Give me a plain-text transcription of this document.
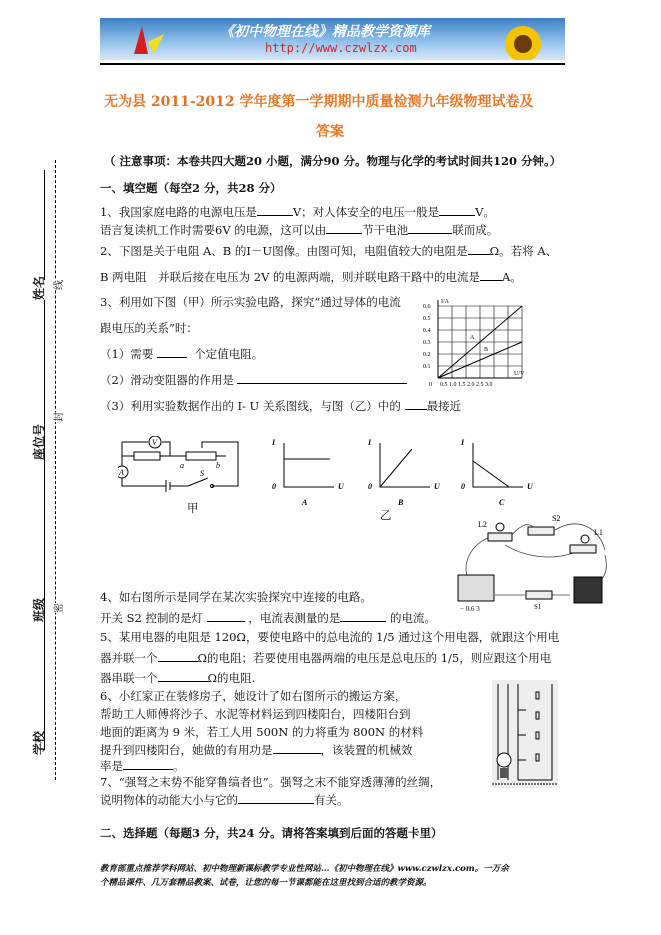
《初中物理在线》精品教学资源库
http://www.czwlzx.com
姓名
座位号
班级
学校
线
封
密
无为县 2011-2012 学年度第一学期期中质量检测九年级物理试卷及
答案
（ 注意事项：本卷共四大题20 小题，满分90 分。物理与化学的考试时间共120 分钟。）
一、填空题（每空2 分，共28 分）
1、我国家庭电路的电源电压是	V；对人体安全的电压一般是	V。
语言复读机工作时需要6V 的电源，这可以由	节干电池	联而成。
2、下图是关于电阻 A、B 的I－U图像。由图可知，电阻值较大的电阻是 Ω。若将 A、
B 两电阻　并联后接在电压为 2V 的电源两端，则并联电路干路中的电流是 A。
3、利用如下图（甲）所示实验电路，探究“通过导体的电流
跟电压的关系”时：
（1）需要	个定值电阻。
（2）滑动变阻器的作用是
（3）利用实验数据作出的 I- U 关系图线，与图（乙）中的 最接近
I/A
U/V
0 0.5 1.0 1.5 2.0 2.5 3.0
0.6
0.5
0.4
0.3
0.2
0.1
A
B
V
A
a	b
S
甲	乙
I
0	U
A
I
0	U
B
I
0	U
C
L2
L1
S2
S1
− 0.6 3
4、如右图所示是同学在某次实验探究中连接的电路。
开关 S2 控制的是灯	，电流表测量的是	的电流。
5、某用电器的电阻是 120Ω，要使电路中的总电流的 1/5 通过这个用电器，就跟这个用电
器并联一个	Ω的电阻；若要使用电器两端的电压是总电压的 1/5，则应跟这个用电
器串联一个	Ω的电阻.
6、小红家正在装修房子，她设计了如右图所示的搬运方案，
帮助工人师傅将沙子、水泥等材料运到四楼阳台，四楼阳台到
地面的距离为 9 米，若工人用 500N 的力将重为 800N 的材料
提升到四楼阳台，她做的有用功是	，该装置的机械效
率是	。
7、“强弩之末势不能穿鲁缟者也”。强弩之末不能穿透薄薄的丝绸，
说明物体的动能大小与它的	有关。
二、选择题（每题3 分，共24 分。请将答案填到后面的答题卡里）
教育部重点推荐学科网站、初中物理新课标教学专业性网站…《初中物理在线》www.czwlzx.com。一万余
个精品课件、几万套精品教案、试卷，让您的每一节课都能在这里找到合适的教学资源。
